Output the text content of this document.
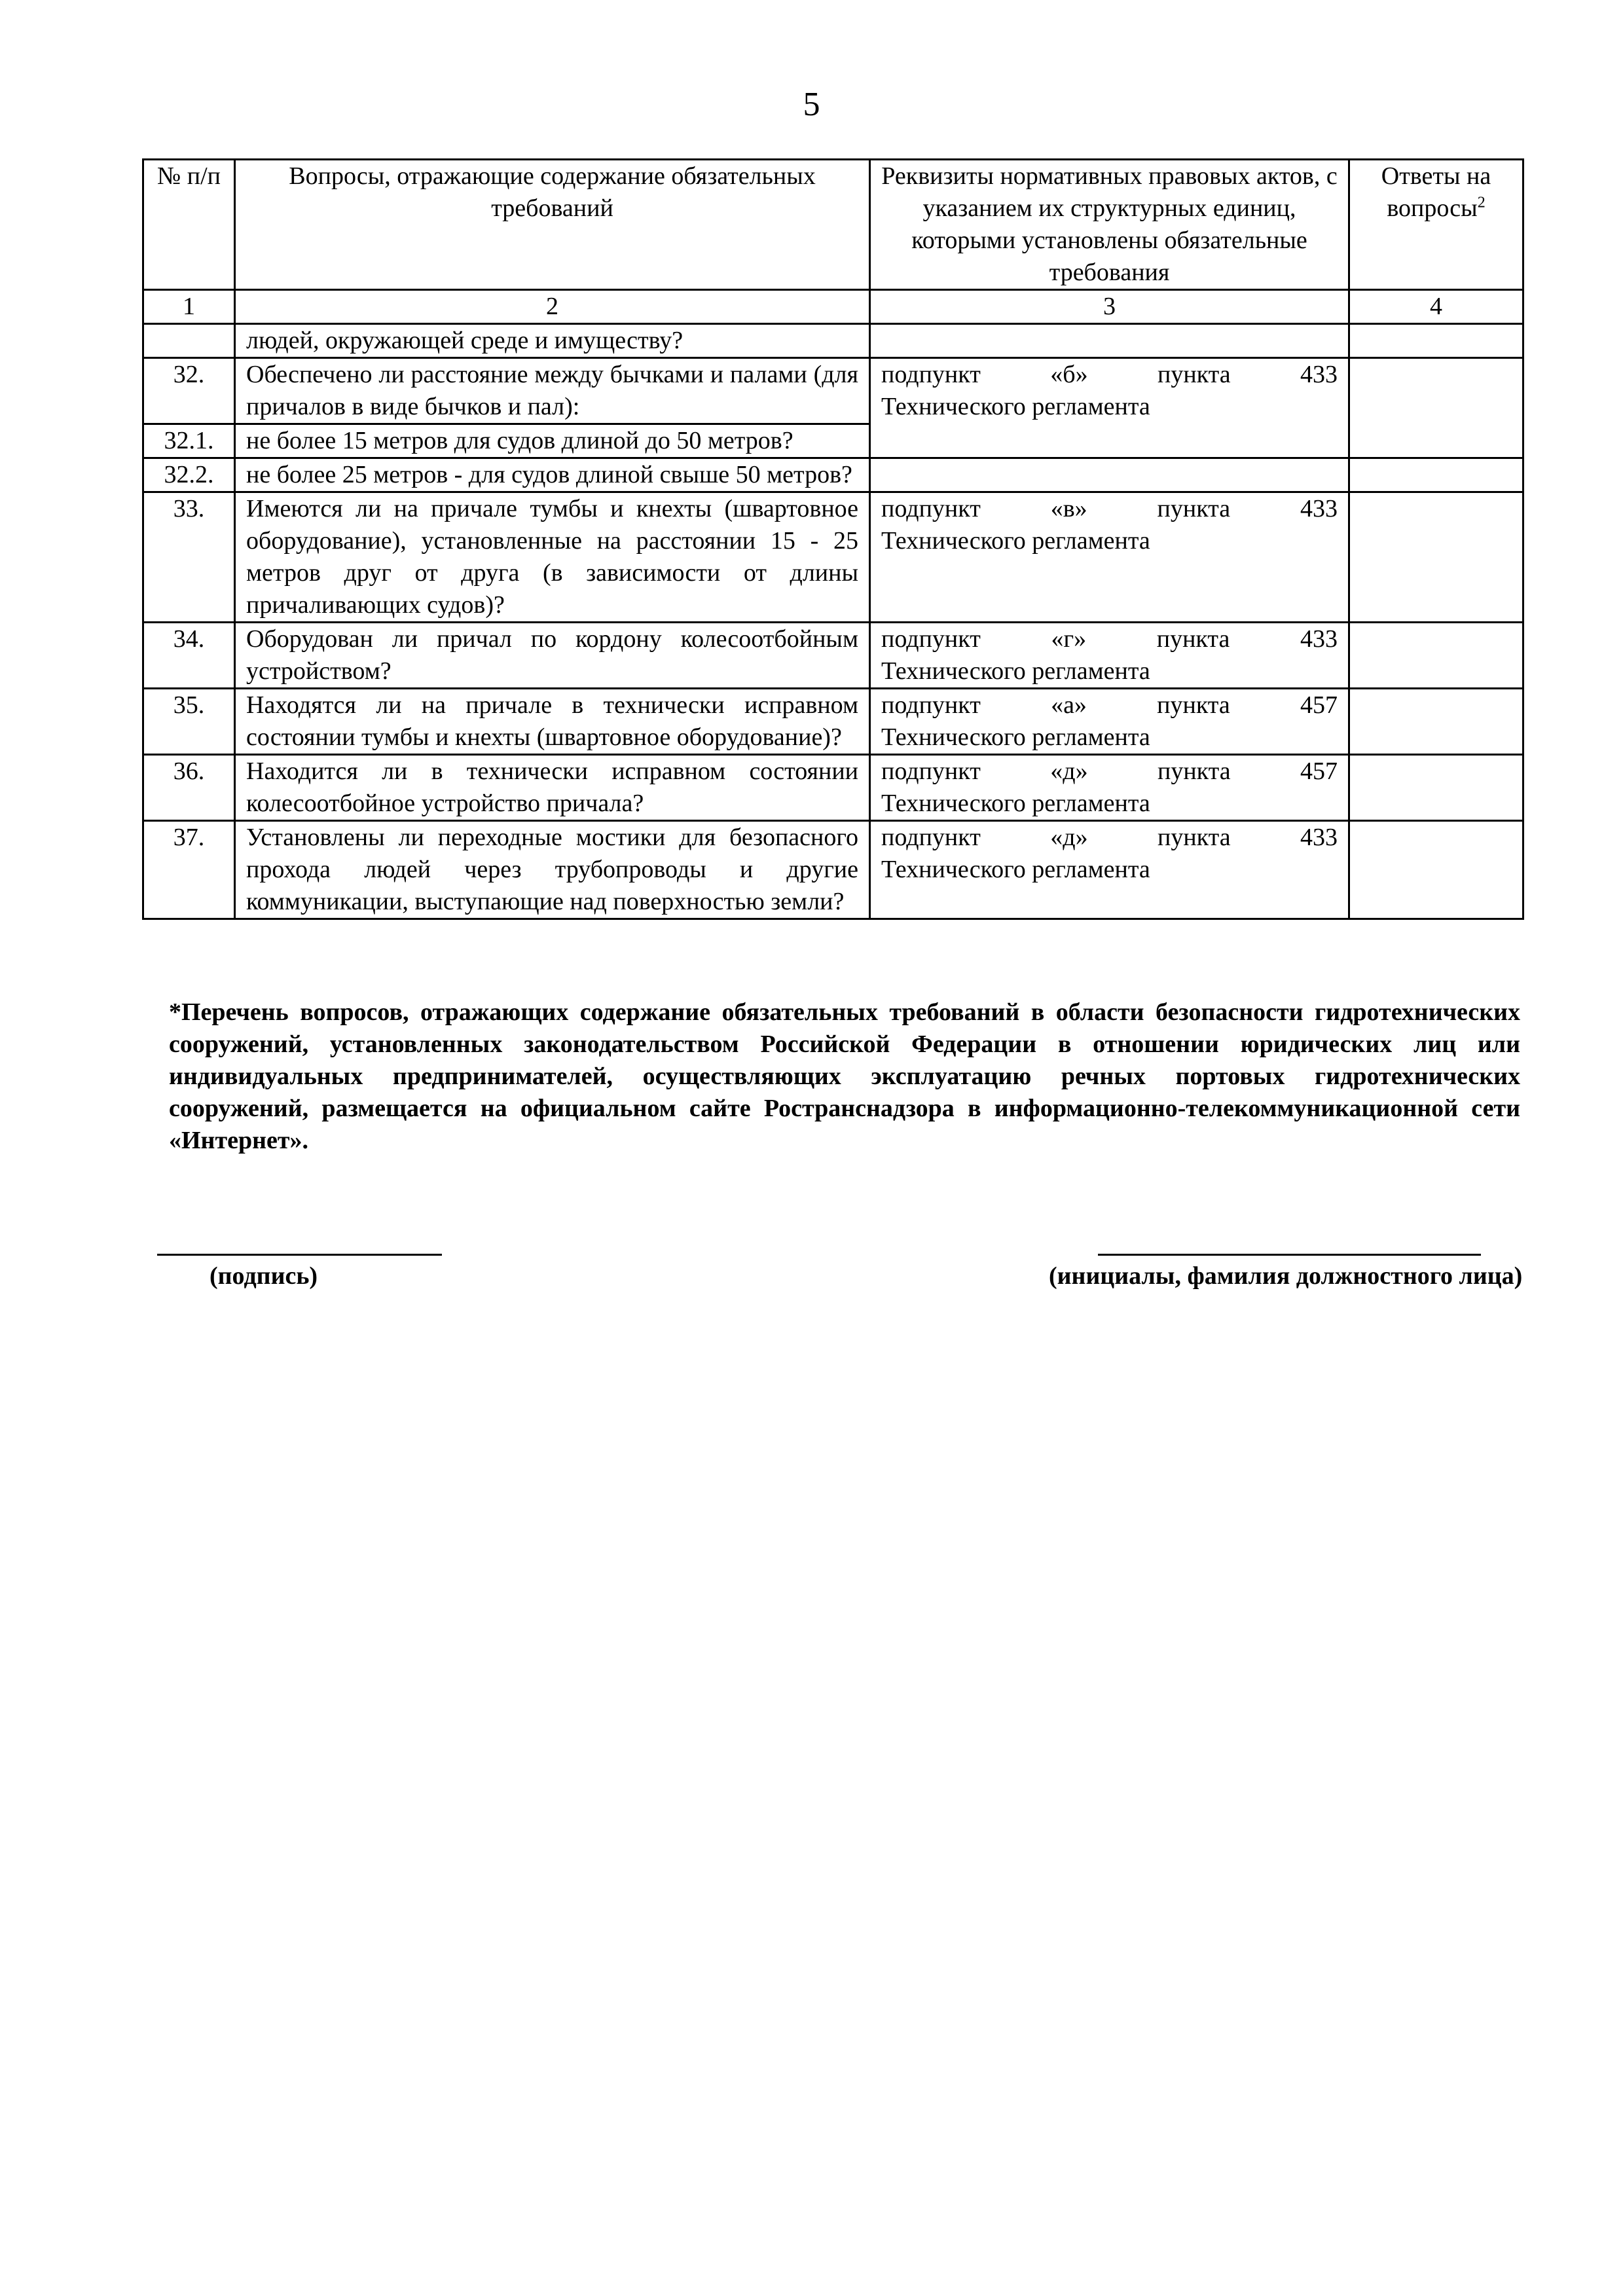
5
№ п/п	Вопросы, отражающие содержание обязательных требований	Реквизиты нормативных правовых актов, с указанием их структурных единиц, которыми установлены обязательные требования	Ответы на вопросы$^2$
1	2	3	4
	людей, окружающей среде и имуществу?		
32.	Обеспечено ли расстояние между бычками и палами (для причалов в виде бычков и пал):	подпункт «б» пункта 433
Технического регламента	

32.1.	не более 15 метров для судов длиной до 50 метров?		
32.2.	не более 25 метров - для судов длиной свыше 50 метров?		
33.	Имеются ли на причале тумбы и кнехты (швартовное оборудование), установленные на расстоянии 15 - 25 метров друг от друга (в зависимости от длины причаливающих судов)?	подпункт «в» пункта 433
Технического регламента	

34.	Оборудован ли причал по кордону колесоотбойным устройством?	подпункт «г» пункта 433
Технического регламента	

35.	Находятся ли на причале в технически исправном состоянии тумбы и кнехты (швартовное оборудование)?	подпункт «а» пункта 457
Технического регламента	

36.	Находится ли в технически исправном состоянии колесоотбойное устройство причала?	подпункт «д» пункта 457
Технического регламента	

37.	Установлены ли переходные мостики для безопасного прохода людей через трубопроводы и другие коммуникации, выступающие над поверхностью земли?	подпункт «д» пункта 433
Технического регламента	

*Перечень вопросов, отражающих содержание обязательных требований в области безопасности гидротехнических сооружений, установленных законодательством Российской Федерации в отношении юридических лиц или индивидуальных предпринимателей, осуществляющих эксплуатацию речных портовых гидротехнических сооружений, размещается на официальном сайте Ространснадзора в информационно-телекоммуникационной сети «Интернет».
(подпись)	(инициалы, фамилия должностного лица)
